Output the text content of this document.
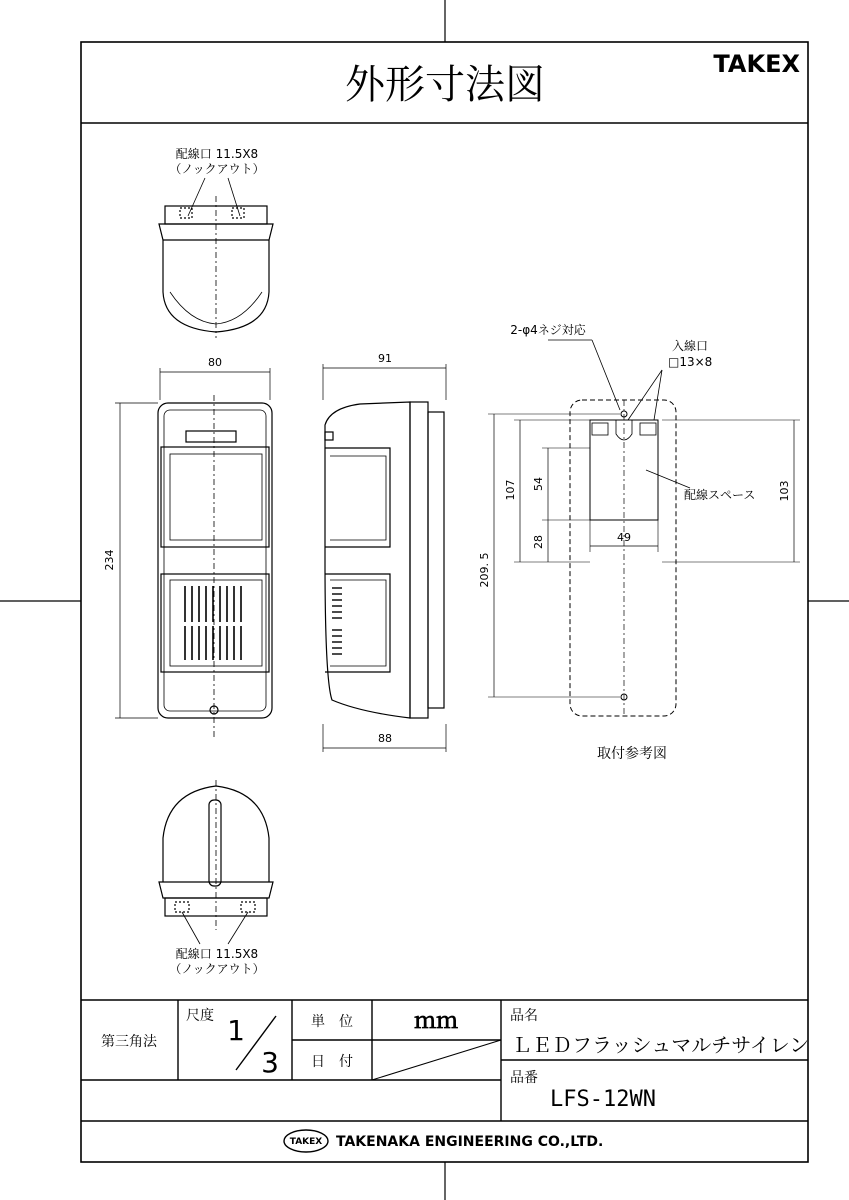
外形寸法図	TAKEX
配線口 11.5X8
（ノックアウト）
80
234
91
88
配線口 11.5X8
（ノックアウト）
2-φ4ネジ対応
入線口
□13×8
配線スペース
209. 5
107 54
28	49
103
取付参考図
第三角法
尺度 1
3
単　位	ｍｍ
日　付
品名
ＬＥＤフラッシュマルチサイレン
品番
LFS-12WN
TAKEX TAKENAKA ENGINEERING CO.,LTD.
